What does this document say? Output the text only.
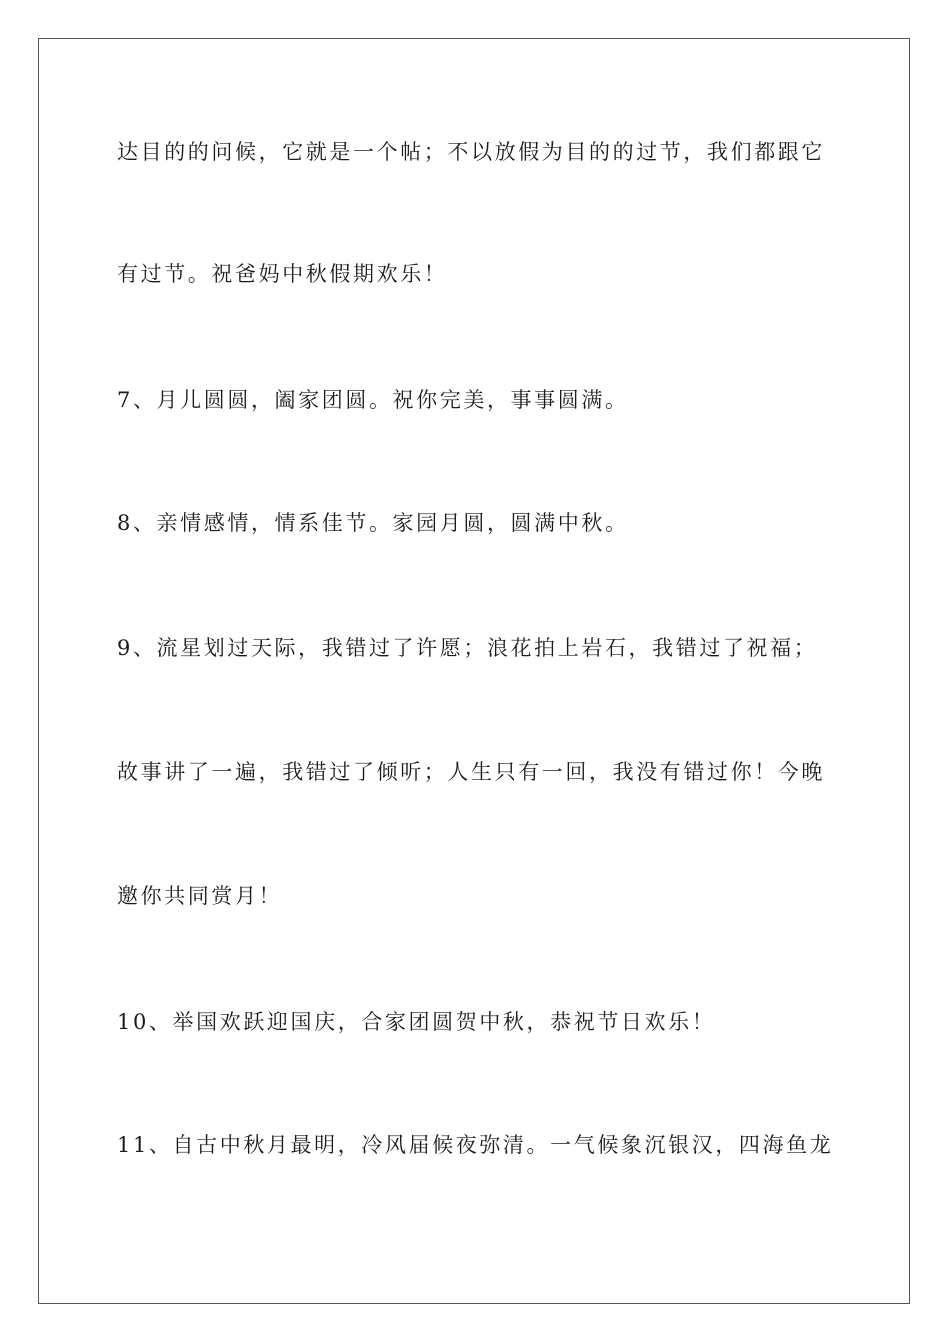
达目的的问候，它就是一个帖；不以放假为目的的过节，我们都跟它
有过节。祝爸妈中秋假期欢乐！
7、月儿圆圆，阖家团圆。祝你完美，事事圆满。
8、亲情感情，情系佳节。家园月圆，圆满中秋。
9、流星划过天际，我错过了许愿；浪花拍上岩石，我错过了祝福；
故事讲了一遍，我错过了倾听；人生只有一回，我没有错过你！今晚
邀你共同赏月！
10、举国欢跃迎国庆，合家团圆贺中秋，恭祝节日欢乐！
11、自古中秋月最明，冷风届候夜弥清。一气候象沉银汉，四海鱼龙
